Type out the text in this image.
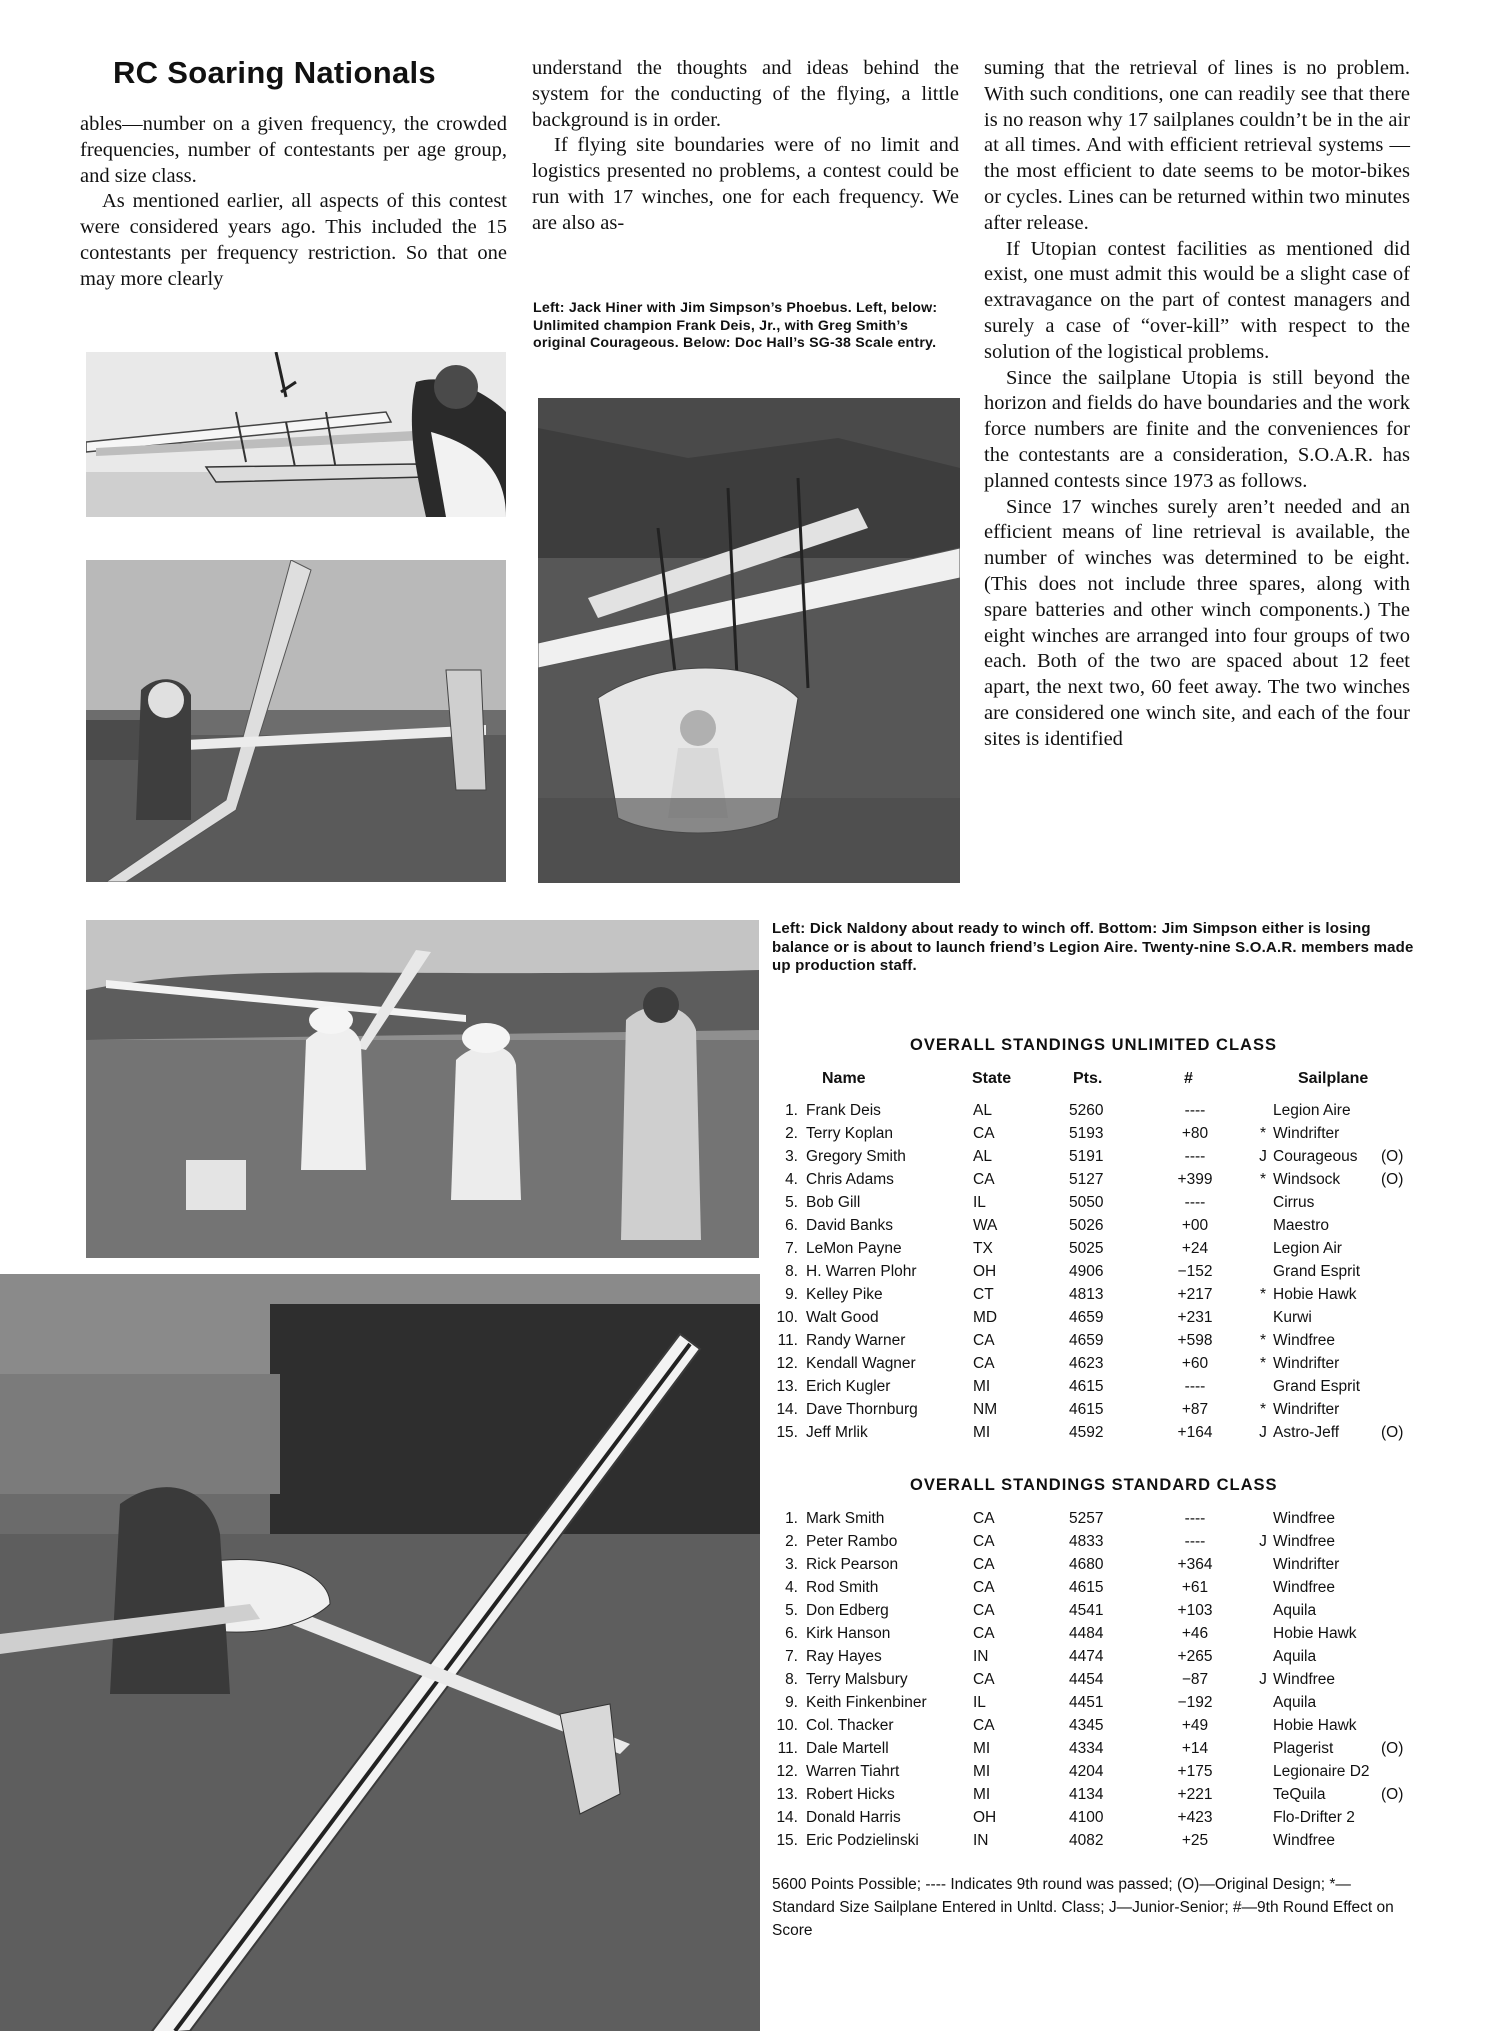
RC Soaring Nationals

ables—number on a given frequency, the crowded frequencies, number of contestants per age group, and size class.

As mentioned earlier, all aspects of this contest were considered years ago. This included the 15 contestants per frequency restriction. So that one may more clearly

understand the thoughts and ideas behind the system for the conducting of the flying, a little background is in order.

If flying site boundaries were of no limit and logistics presented no problems, a contest could be run with 17 winches, one for each frequency. We are also as-

suming that the retrieval of lines is no problem. With such conditions, one can readily see that there is no reason why 17 sailplanes couldn’t be in the air at all times. And with efficient retrieval systems —the most efficient to date seems to be motor-bikes or cycles. Lines can be returned within two minutes after release.

If Utopian contest facilities as mentioned did exist, one must admit this would be a slight case of extravagance on the part of contest managers and surely a case of “over-kill” with respect to the solution of the logistical problems.

Since the sailplane Utopia is still beyond the horizon and fields do have boundaries and the work force numbers are finite and the conveniences for the contestants are a consideration, S.O.A.R. has planned contests since 1973 as follows.

Since 17 winches surely aren’t needed and an efficient means of line retrieval is available, the number of winches was determined to be eight. (This does not include three spares, along with spare batteries and other winch components.) The eight winches are arranged into four groups of two each. Both of the two are spaced about 12 feet apart, the next two, 60 feet away. The two winches are considered one winch site, and each of the four sites is identified

Left: Jack Hiner with Jim Simpson’s Phoebus. Left, below: Unlimited champion Frank Deis, Jr., with Greg Smith’s original Courageous. Below: Doc Hall’s SG-38 Scale entry.
Left: Dick Naldony about ready to winch off. Bottom: Jim Simpson either is losing balance or is about to launch friend’s Legion Aire. Twenty-nine S.O.A.R. members made up production staff.
OVERALL STANDINGS UNLIMITED CLASS
Name	State	Pts.	#	Sailplane
1. Frank Deis	AL	5260	----	Legion Aire
2. Terry Koplan	CA	5193	+80	* Windrifter
3. Gregory Smith	AL	5191	----	J Courageous (O)
4. Chris Adams	CA	5127	+399	* Windsock	(O)
5. Bob Gill	IL	5050	----	Cirrus
6. David Banks	WA	5026	+00	Maestro
7. LeMon Payne	TX	5025	+24	Legion Air
8. H. Warren Plohr	OH	4906	−152	Grand Esprit
9. Kelley Pike	CT	4813	+217	* Hobie Hawk
10. Walt Good	MD	4659	+231	Kurwi
11. Randy Warner	CA	4659	+598	* Windfree
12. Kendall Wagner	CA	4623	+60	* Windrifter
13. Erich Kugler	MI	4615	----	Grand Esprit
14. Dave Thornburg	NM	4615	+87	* Windrifter
15. Jeff Mrlik	MI	4592	+164	J Astro-Jeff	(O)
OVERALL STANDINGS STANDARD CLASS
1. Mark Smith	CA	5257	----	Windfree
2. Peter Rambo	CA	4833	----	J Windfree
3. Rick Pearson	CA	4680	+364	Windrifter
4. Rod Smith	CA	4615	+61	Windfree
5. Don Edberg	CA	4541	+103	Aquila
6. Kirk Hanson	CA	4484	+46	Hobie Hawk
7. Ray Hayes	IN	4474	+265	Aquila
8. Terry Malsbury	CA	4454	−87	J Windfree
9. Keith Finkenbiner	IL	4451	−192	Aquila
10. Col. Thacker	CA	4345	+49	Hobie Hawk
11. Dale Martell	MI	4334	+14	Plagerist	(O)
12. Warren Tiahrt	MI	4204	+175	Legionaire D2
13. Robert Hicks	MI	4134	+221	TeQuila	(O)
14. Donald Harris	OH	4100	+423	Flo-Drifter 2
15. Eric Podzielinski	IN	4082	+25	Windfree
5600 Points Possible; ---- Indicates 9th round was passed; (O)—Original Design; *—Standard Size Sailplane Entered in Unltd. Class; J—Junior-Senior; #—9th Round Effect on Score
